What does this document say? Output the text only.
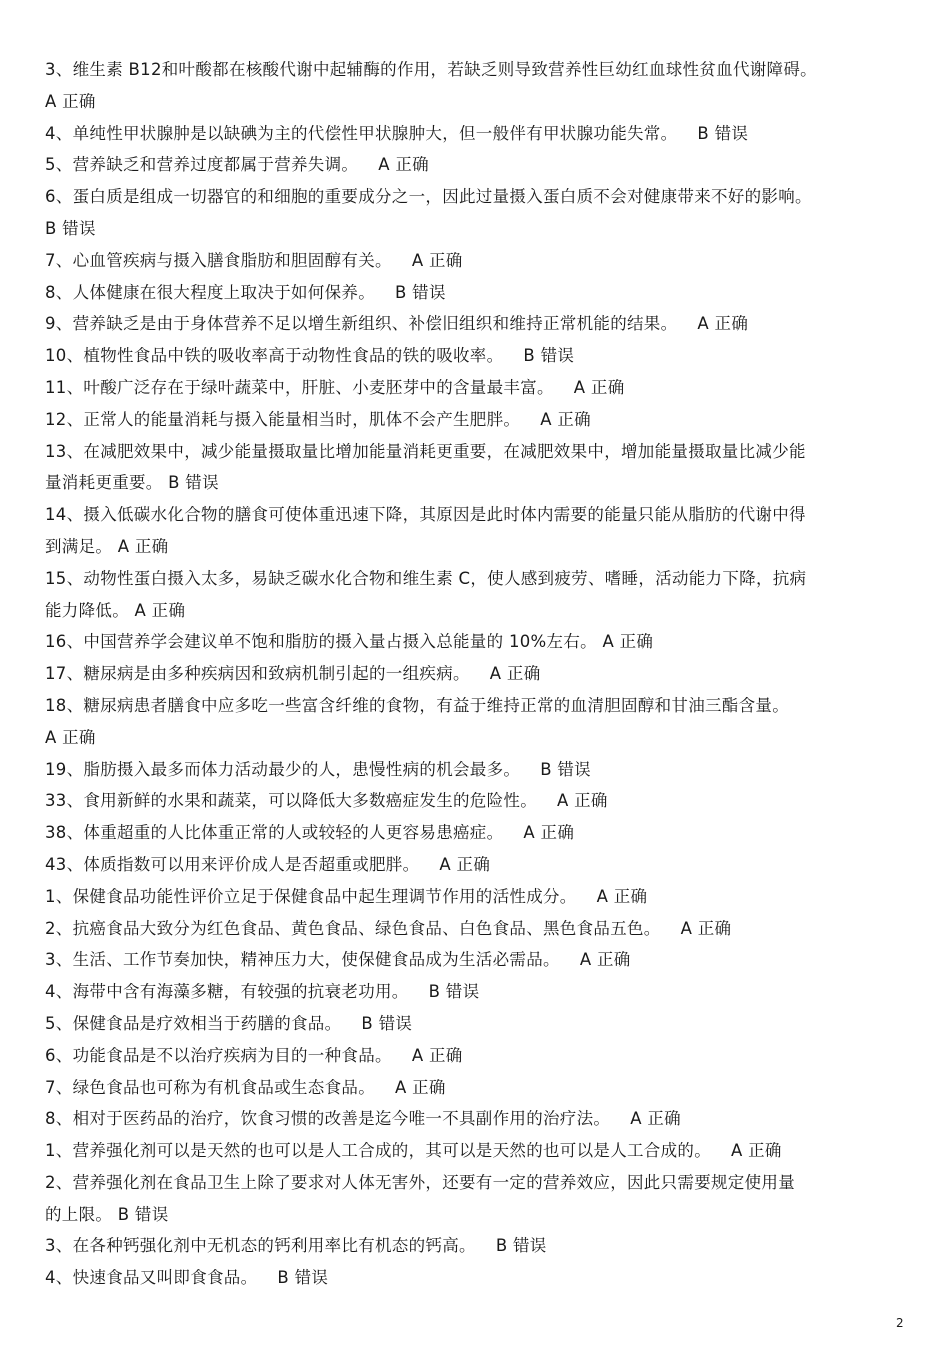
3、维生素 B12和叶酸都在核酸代谢中起辅酶的作用，若缺乏则导致营养性巨幼红血球性贫血代谢障碍。
A 正确
4、单纯性甲状腺肿是以缺碘为主的代偿性甲状腺肿大，但一般伴有甲状腺功能失常。 B 错误
5、营养缺乏和营养过度都属于营养失调。 A 正确
6、蛋白质是组成一切器官的和细胞的重要成分之一，因此过量摄入蛋白质不会对健康带来不好的影响。
B 错误
7、心血管疾病与摄入膳食脂肪和胆固醇有关。 A 正确
8、人体健康在很大程度上取决于如何保养。 B 错误
9、营养缺乏是由于身体营养不足以增生新组织、补偿旧组织和维持正常机能的结果。 A 正确
10、植物性食品中铁的吸收率高于动物性食品的铁的吸收率。 B 错误
11、叶酸广泛存在于绿叶蔬菜中，肝脏、小麦胚芽中的含量最丰富。 A 正确
12、正常人的能量消耗与摄入能量相当时，肌体不会产生肥胖。 A 正确
13、在减肥效果中，减少能量摄取量比增加能量消耗更重要，在减肥效果中，增加能量摄取量比减少能
量消耗更重要。 B 错误
14、摄入低碳水化合物的膳食可使体重迅速下降，其原因是此时体内需要的能量只能从脂肪的代谢中得
到满足。 A 正确
15、动物性蛋白摄入太多，易缺乏碳水化合物和维生素 C，使人感到疲劳、嗜睡，活动能力下降，抗病
能力降低。 A 正确
16、中国营养学会建议单不饱和脂肪的摄入量占摄入总能量的 10%左右。 A 正确
17、糖尿病是由多种疾病因和致病机制引起的一组疾病。 A 正确
18、糖尿病患者膳食中应多吃一些富含纤维的食物，有益于维持正常的血清胆固醇和甘油三酯含量。
A 正确
19、脂肪摄入最多而体力活动最少的人，患慢性病的机会最多。 B 错误
33、食用新鲜的水果和蔬菜，可以降低大多数癌症发生的危险性。 A 正确
38、体重超重的人比体重正常的人或较轻的人更容易患癌症。 A 正确
43、体质指数可以用来评价成人是否超重或肥胖。 A 正确
1、保健食品功能性评价立足于保健食品中起生理调节作用的活性成分。 A 正确
2、抗癌食品大致分为红色食品、黄色食品、绿色食品、白色食品、黑色食品五色。 A 正确
3、生活、工作节奏加快，精神压力大，使保健食品成为生活必需品。 A 正确
4、海带中含有海藻多糖，有较强的抗衰老功用。 B 错误
5、保健食品是疗效相当于药膳的食品。 B 错误
6、功能食品是不以治疗疾病为目的一种食品。 A 正确
7、绿色食品也可称为有机食品或生态食品。 A 正确
8、相对于医药品的治疗，饮食习惯的改善是迄今唯一不具副作用的治疗法。 A 正确
1、营养强化剂可以是天然的也可以是人工合成的，其可以是天然的也可以是人工合成的。 A 正确
2、营养强化剂在食品卫生上除了要求对人体无害外，还要有一定的营养效应，因此只需要规定使用量
的上限。 B 错误
3、在各种钙强化剂中无机态的钙利用率比有机态的钙高。 B 错误
4、快速食品又叫即食食品。 B 错误
2
